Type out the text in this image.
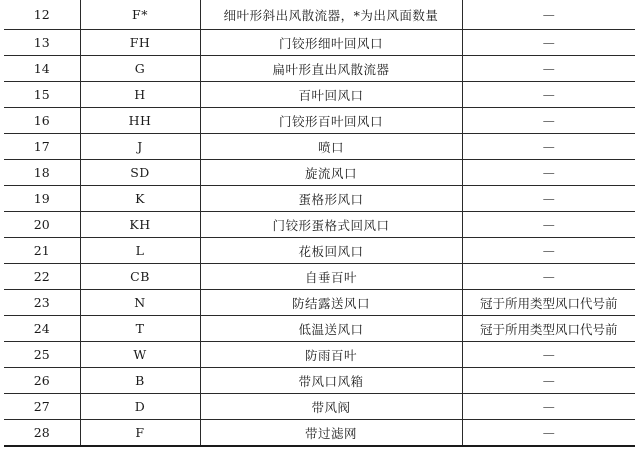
12	F*	细叶形斜出风散流器，*为出风面数量	—
13	FH	门铰形细叶回风口	—
14	G	扁叶形直出风散流器	—
15	H	百叶回风口	—
16	HH	门铰形百叶回风口	—
17	J	喷口	—
18	SD	旋流风口	—
19	K	蛋格形风口	—
20	KH	门铰形蛋格式回风口	—
21	L	花板回风口	—
22	CB	自垂百叶	—
23	N	防结露送风口	冠于所用类型风口代号前
24	T	低温送风口	冠于所用类型风口代号前
25	W	防雨百叶	—
26	B	带风口风箱	—
27	D	带风阀	—
28	F	带过滤网	—
